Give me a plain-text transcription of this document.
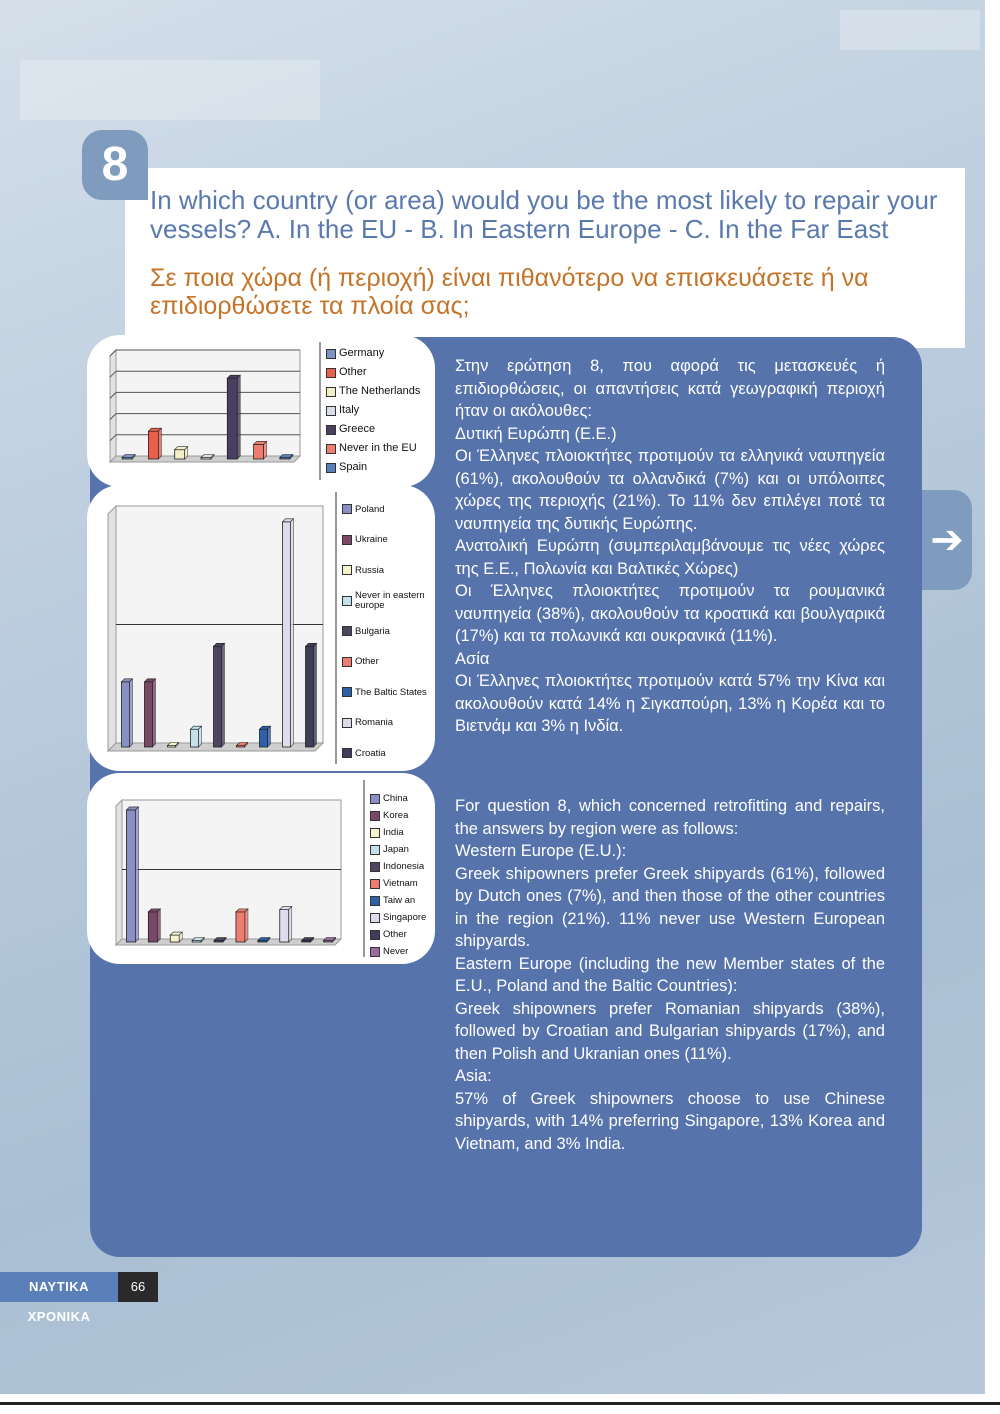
8
In which country (or area) would you be the most likely to repair your vessels? A. In the EU - B. In Eastern Europe - C. In the Far East
Σε ποια χώρα (ή περιοχή) είναι πιθανότερο να επισκευάσετε ή να επιδιορθώσετε τα πλοία σας;
➔
Germany
Other
The Netherlands
Italy
Greece
Never in the EU
Spain
Poland
Ukraine
Russia
Never in eastern europe
Bulgaria
Other
The Baltic States
Romania
Croatia
China
Korea
India
Japan
Indonesia
Vietnam
Taiw an
Singapore
Other
Never

Στην ερώτηση 8, που αφορά τις μετασκευές ή επιδιορθώσεις, οι απαντήσεις κατά γεωγραφική περιοχή ήταν οι ακόλουθες:

Δυτική Ευρώπη (Ε.Ε.)

Οι Έλληνες πλοιοκτήτες προτιμούν τα ελληνικά ναυπηγεία (61%), ακολουθούν τα ολλανδικά (7%) και οι υπόλοιπες χώρες της περιοχής (21%). Το 11% δεν επιλέγει ποτέ τα ναυπηγεία της δυτικής Ευρώπης.

Ανατολική Ευρώπη (συμπεριλαμβάνουμε τις νέες χώρες της Ε.Ε., Πολωνία και Βαλτικές Χώρες)

Οι Έλληνες πλοιοκτήτες προτιμούν τα ρουμανικά ναυπηγεία (38%), ακολουθούν τα κροατικά και βουλγαρικά (17%) και τα πολωνικά και ουκρανικά (11%).

Ασία

Οι Έλληνες πλοιοκτήτες προτιμούν κατά 57% την Κίνα και ακολουθούν κατά 14% η Σιγκαπούρη, 13% η Κορέα και το Βιετνάμ και 3% η Ινδία.

For question 8, which concerned retrofitting and repairs, the answers by region were as follows:

Western Europe (E.U.):

Greek shipowners prefer Greek shipyards (61%), followed by Dutch ones (7%), and then those of the other countries in the region (21%). 11% never use Western European shipyards.

Eastern Europe (including the new Member states of the E.U., Poland and the Baltic Countries):

Greek shipowners prefer Romanian shipyards (38%), followed by Croatian and Bulgarian shipyards (17%), and then Polish and Ukranian ones (11%).

Asia:

57% of Greek shipowners choose to use Chinese shipyards, with 14% preferring Singapore, 13% Korea and Vietnam, and 3% India.

ΝΑΥΤΙΚΑ ΧΡΟΝΙΚΑ
66
